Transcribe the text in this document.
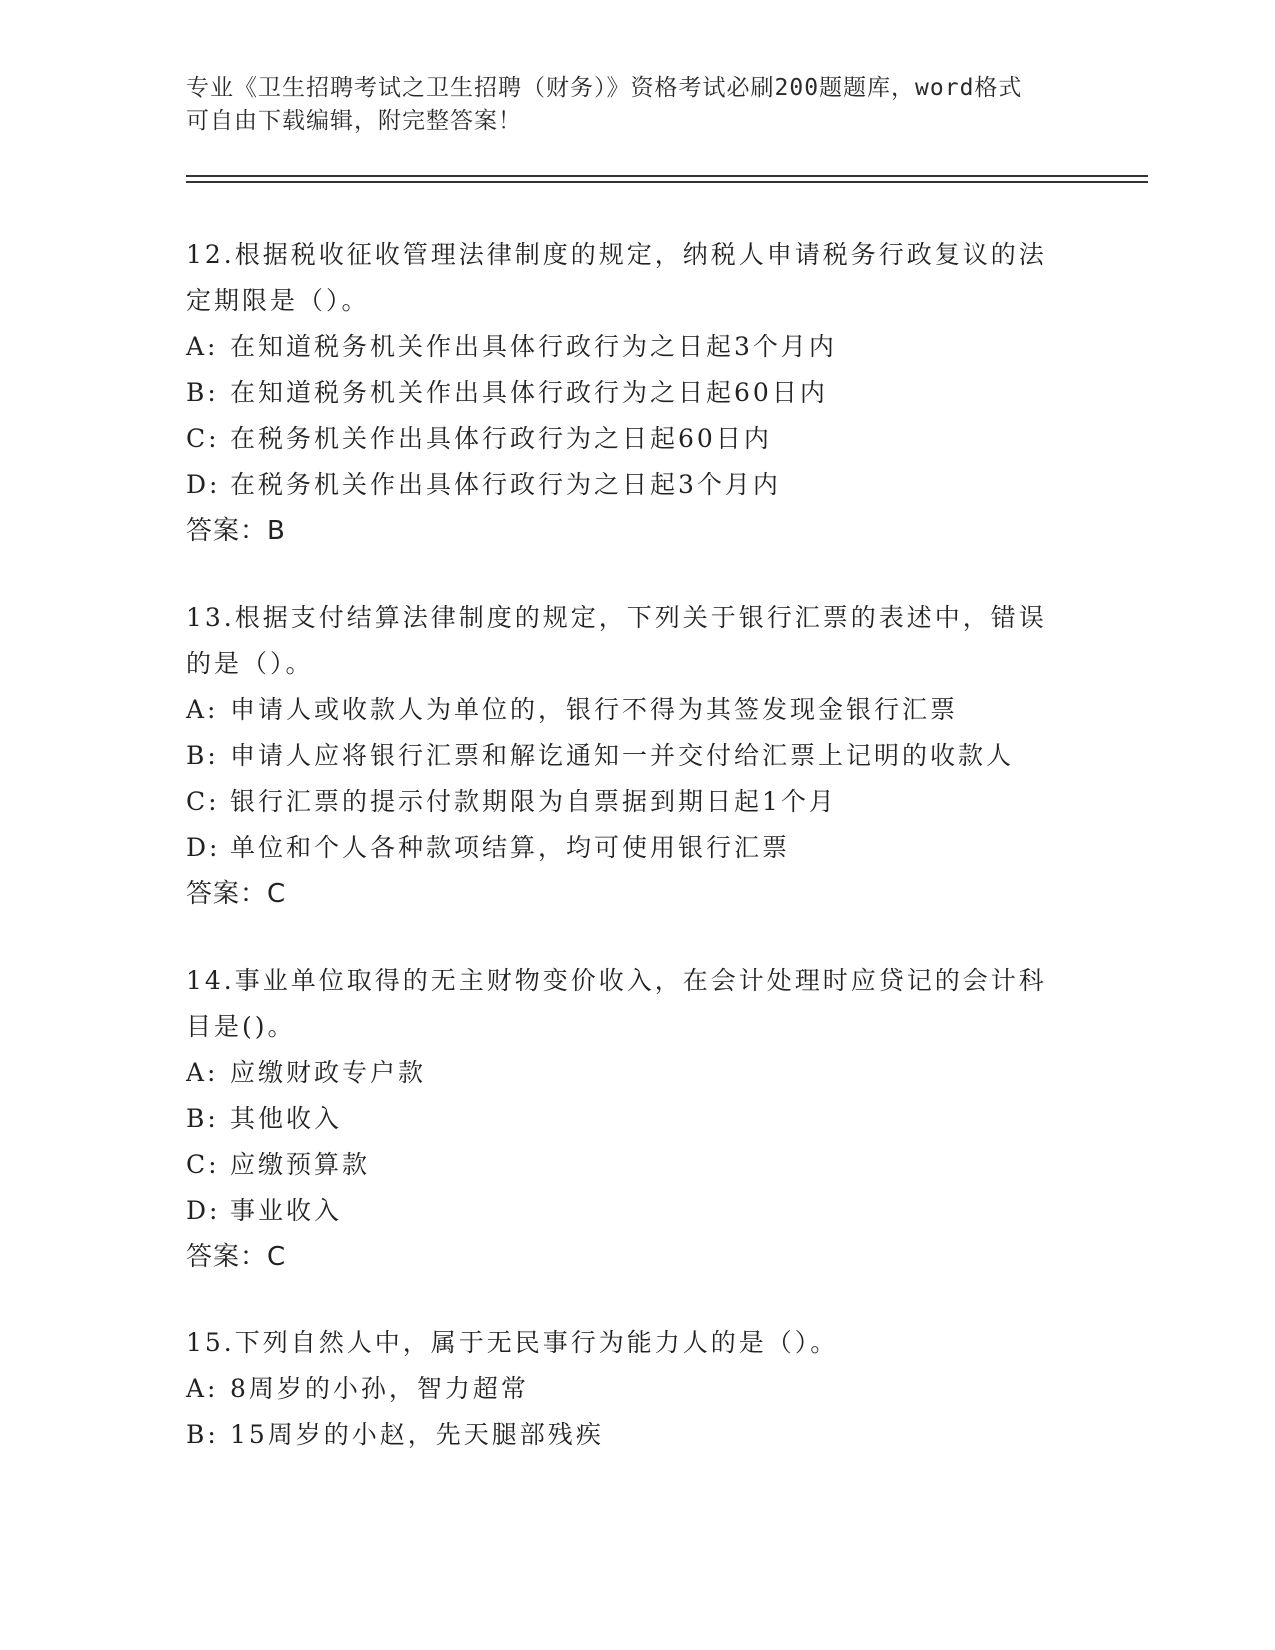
专业《卫生招聘考试之卫生招聘（财务）》资格考试必刷200题题库，word格式
可自由下载编辑，附完整答案！

12.根据税收征收管理法律制度的规定，纳税人申请税务行政复议的法

定期限是（）。

A: 在知道税务机关作出具体行政行为之日起3个月内

B: 在知道税务机关作出具体行政行为之日起60日内

C: 在税务机关作出具体行政行为之日起60日内

D: 在税务机关作出具体行政行为之日起3个月内

答案：B

13.根据支付结算法律制度的规定，下列关于银行汇票的表述中，错误

的是（）。

A: 申请人或收款人为单位的，银行不得为其签发现金银行汇票

B: 申请人应将银行汇票和解讫通知一并交付给汇票上记明的收款人

C: 银行汇票的提示付款期限为自票据到期日起1个月

D: 单位和个人各种款项结算，均可使用银行汇票

答案：C

14.事业单位取得的无主财物变价收入，在会计处理时应贷记的会计科

目是()。

A: 应缴财政专户款

B: 其他收入

C: 应缴预算款

D: 事业收入

答案：C

15.下列自然人中，属于无民事行为能力人的是（）。

A: 8周岁的小孙，智力超常

B: 15周岁的小赵，先天腿部残疾
